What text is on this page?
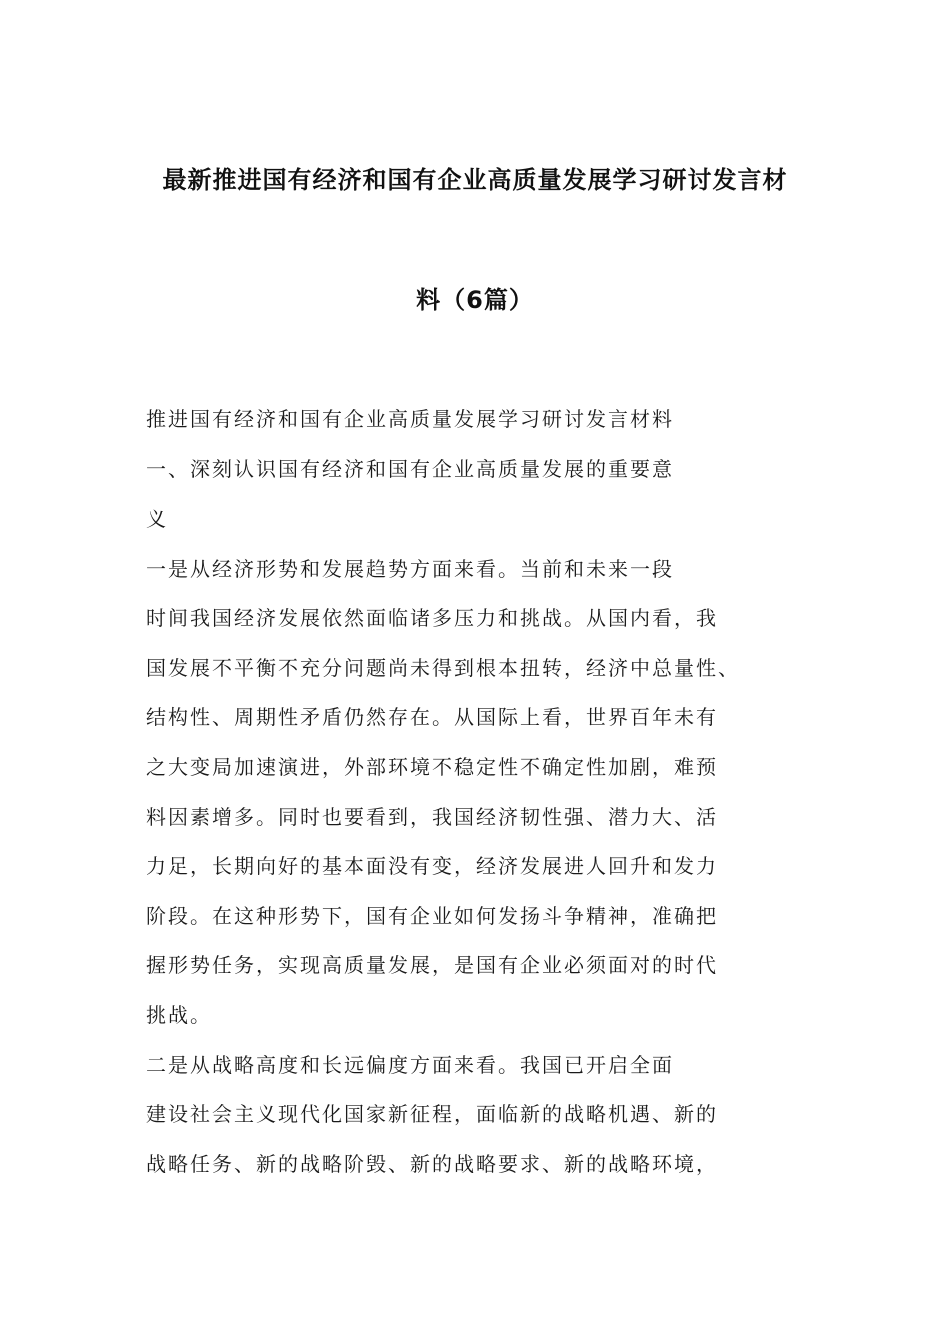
最新推进国有经济和国有企业高质量发展学习研讨发言材
料（6篇）
推进国有经济和国有企业高质量发展学习研讨发言材料
一、深刻认识国有经济和国有企业高质量发展的重要意
义
一是从经济形势和发展趋势方面来看。当前和未来一段
时间我国经济发展依然面临诸多压力和挑战。从国内看，我
国发展不平衡不充分问题尚未得到根本扭转，经济中总量性、
结构性、周期性矛盾仍然存在。从国际上看，世界百年未有
之大变局加速演进，外部环境不稳定性不确定性加剧，难预
料因素增多。同时也要看到，我国经济韧性强、潜力大、活
力足，长期向好的基本面没有变，经济发展进人回升和发力
阶段。在这种形势下，国有企业如何发扬斗争精神，准确把
握形势任务，实现高质量发展，是国有企业必须面对的时代
挑战。
二是从战略高度和长远偏度方面来看。我国已开启全面
建设社会主义现代化国家新征程，面临新的战略机遇、新的
战略任务、新的战略阶毁、新的战略要求、新的战略环境，
